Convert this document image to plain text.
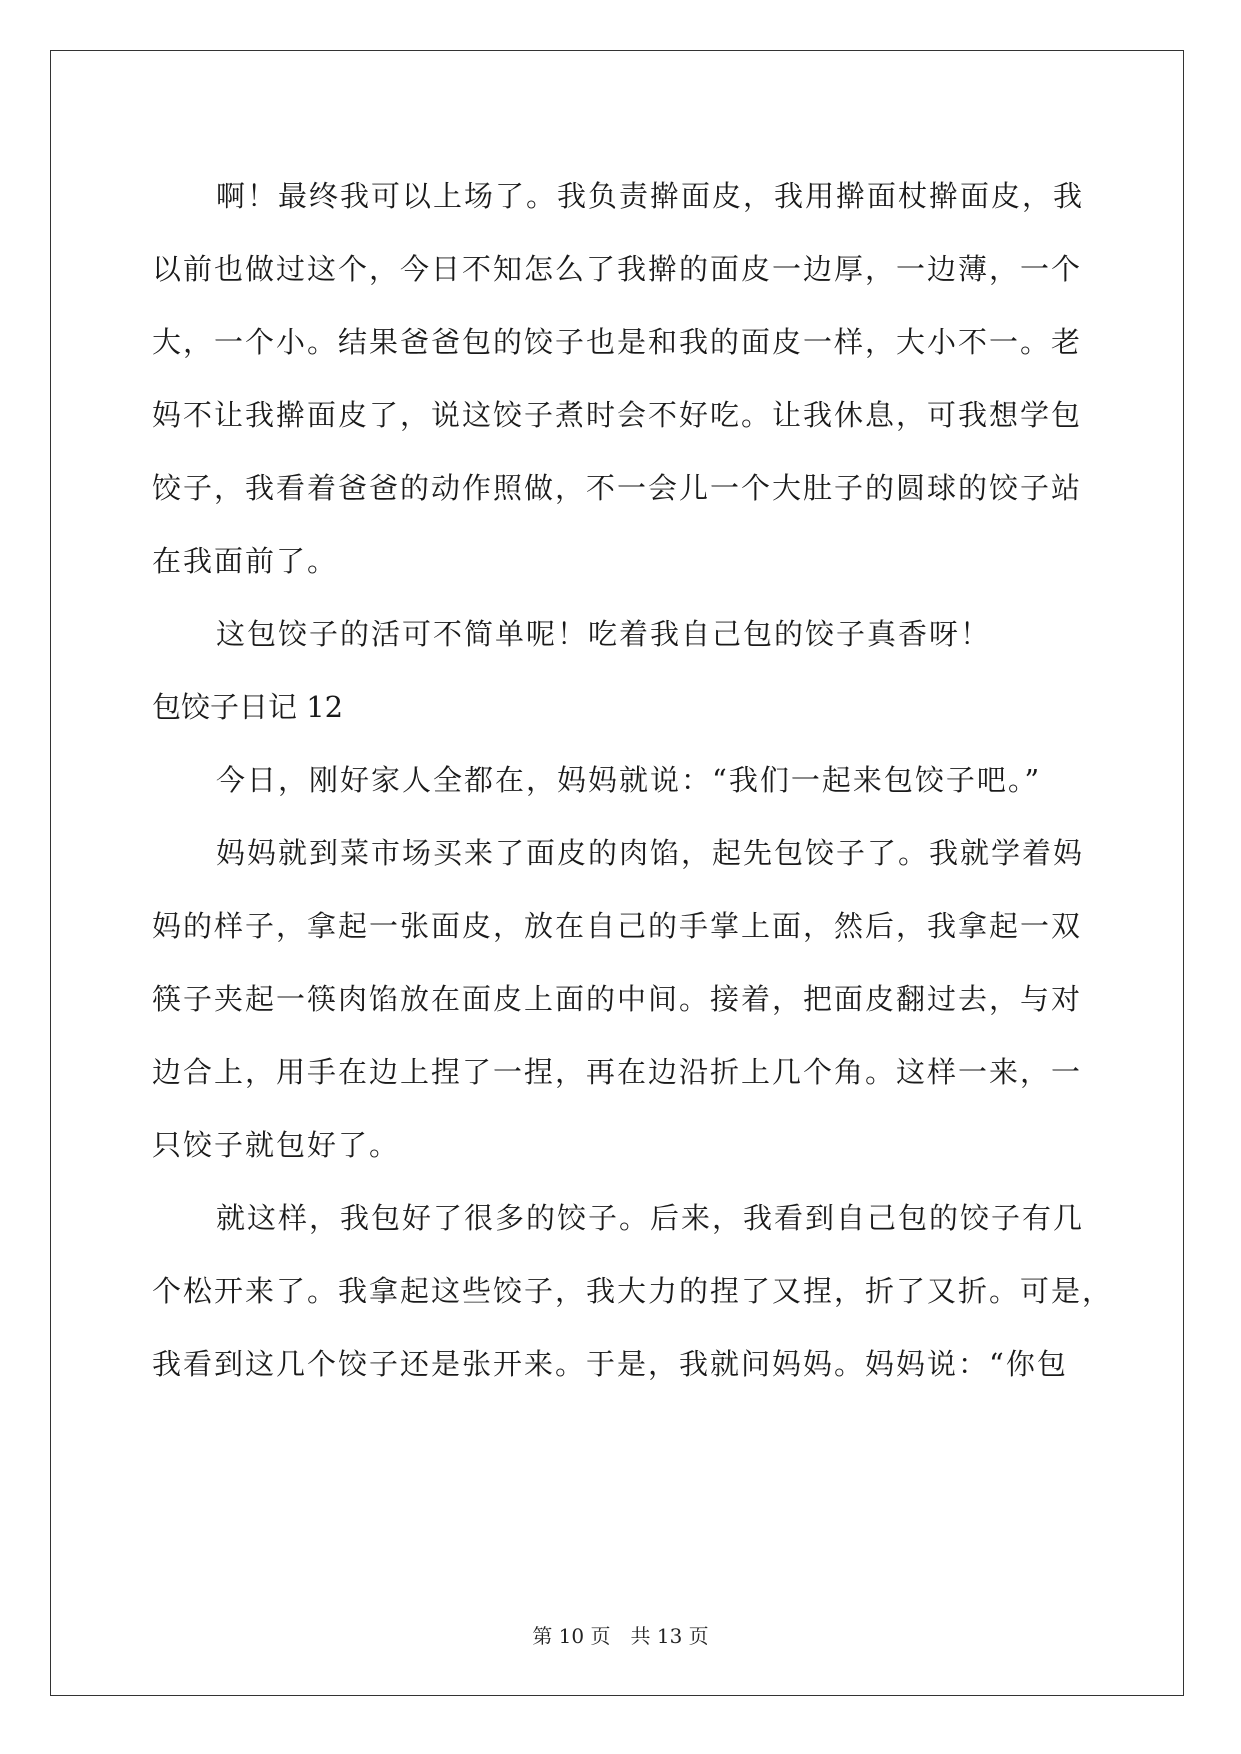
啊！最终我可以上场了。我负责擀面皮，我用擀面杖擀面皮，我
以前也做过这个，今日不知怎么了我擀的面皮一边厚，一边薄，一个
大，一个小。结果爸爸包的饺子也是和我的面皮一样，大小不一。老
妈不让我擀面皮了，说这饺子煮时会不好吃。让我休息，可我想学包
饺子，我看着爸爸的动作照做，不一会儿一个大肚子的圆球的饺子站
在我面前了。
这包饺子的活可不简单呢！吃着我自己包的饺子真香呀！
包饺子日记 12
今日，刚好家人全都在，妈妈就说：“我们一起来包饺子吧。”
妈妈就到菜市场买来了面皮的肉馅，起先包饺子了。我就学着妈
妈的样子，拿起一张面皮，放在自己的手掌上面，然后，我拿起一双
筷子夹起一筷肉馅放在面皮上面的中间。接着，把面皮翻过去，与对
边合上，用手在边上捏了一捏，再在边沿折上几个角。这样一来，一
只饺子就包好了。
就这样，我包好了很多的饺子。后来，我看到自己包的饺子有几
个松开来了。我拿起这些饺子，我大力的捏了又捏，折了又折。可是，
我看到这几个饺子还是张开来。于是，我就问妈妈。妈妈说：“你包
第 10 页　共 13 页
